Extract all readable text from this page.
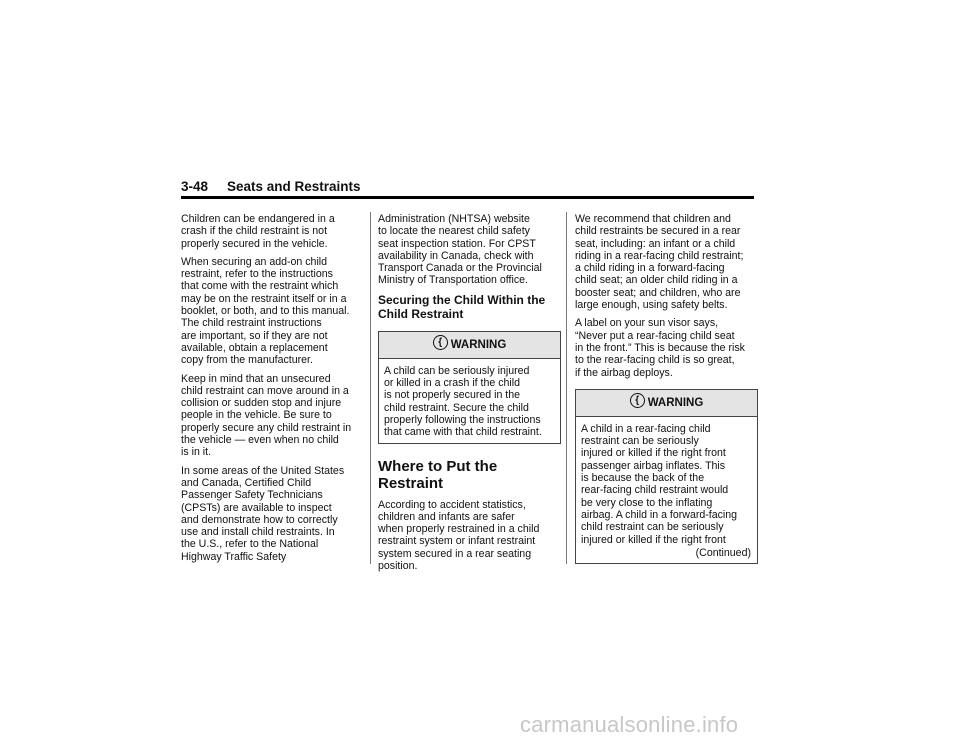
3-48 Seats and Restraints

Children can be endangered in a
crash if the child restraint is not
properly secured in the vehicle.

When securing an add-on child
restraint, refer to the instructions
that come with the restraint which
may be on the restraint itself or in a
booklet, or both, and to this manual.
The child restraint instructions
are important, so if they are not
available, obtain a replacement
copy from the manufacturer.

Keep in mind that an unsecured
child restraint can move around in a
collision or sudden stop and injure
people in the vehicle. Be sure to
properly secure any child restraint in
the vehicle — even when no child
is in it.

In some areas of the United States
and Canada, Certified Child
Passenger Safety Technicians
(CPSTs) are available to inspect
and demonstrate how to correctly
use and install child restraints. In
the U.S., refer to the National
Highway Traffic Safety

Administration (NHTSA) website
to locate the nearest child safety
seat inspection station. For CPST
availability in Canada, check with
Transport Canada or the Provincial
Ministry of Transportation office.

Securing the Child Within the
Child Restraint
{ WARNING

A child can be seriously injured
or killed in a crash if the child
is not properly secured in the
child restraint. Secure the child
properly following the instructions
that came with that child restraint.

Where to Put the
Restraint

According to accident statistics,
children and infants are safer
when properly restrained in a child
restraint system or infant restraint
system secured in a rear seating
position.

We recommend that children and
child restraints be secured in a rear
seat, including: an infant or a child
riding in a rear-facing child restraint;
a child riding in a forward-facing
child seat; an older child riding in a
booster seat; and children, who are
large enough, using safety belts.

A label on your sun visor says,
“Never put a rear-facing child seat
in the front.” This is because the risk
to the rear-facing child is so great,
if the airbag deploys.

{ WARNING

A child in a rear-facing child
restraint can be seriously
injured or killed if the right front
passenger airbag inflates. This
is because the back of the
rear-facing child restraint would
be very close to the inflating
airbag. A child in a forward-facing
child restraint can be seriously
injured or killed if the right front

(Continued)
carmanualsonline.info
